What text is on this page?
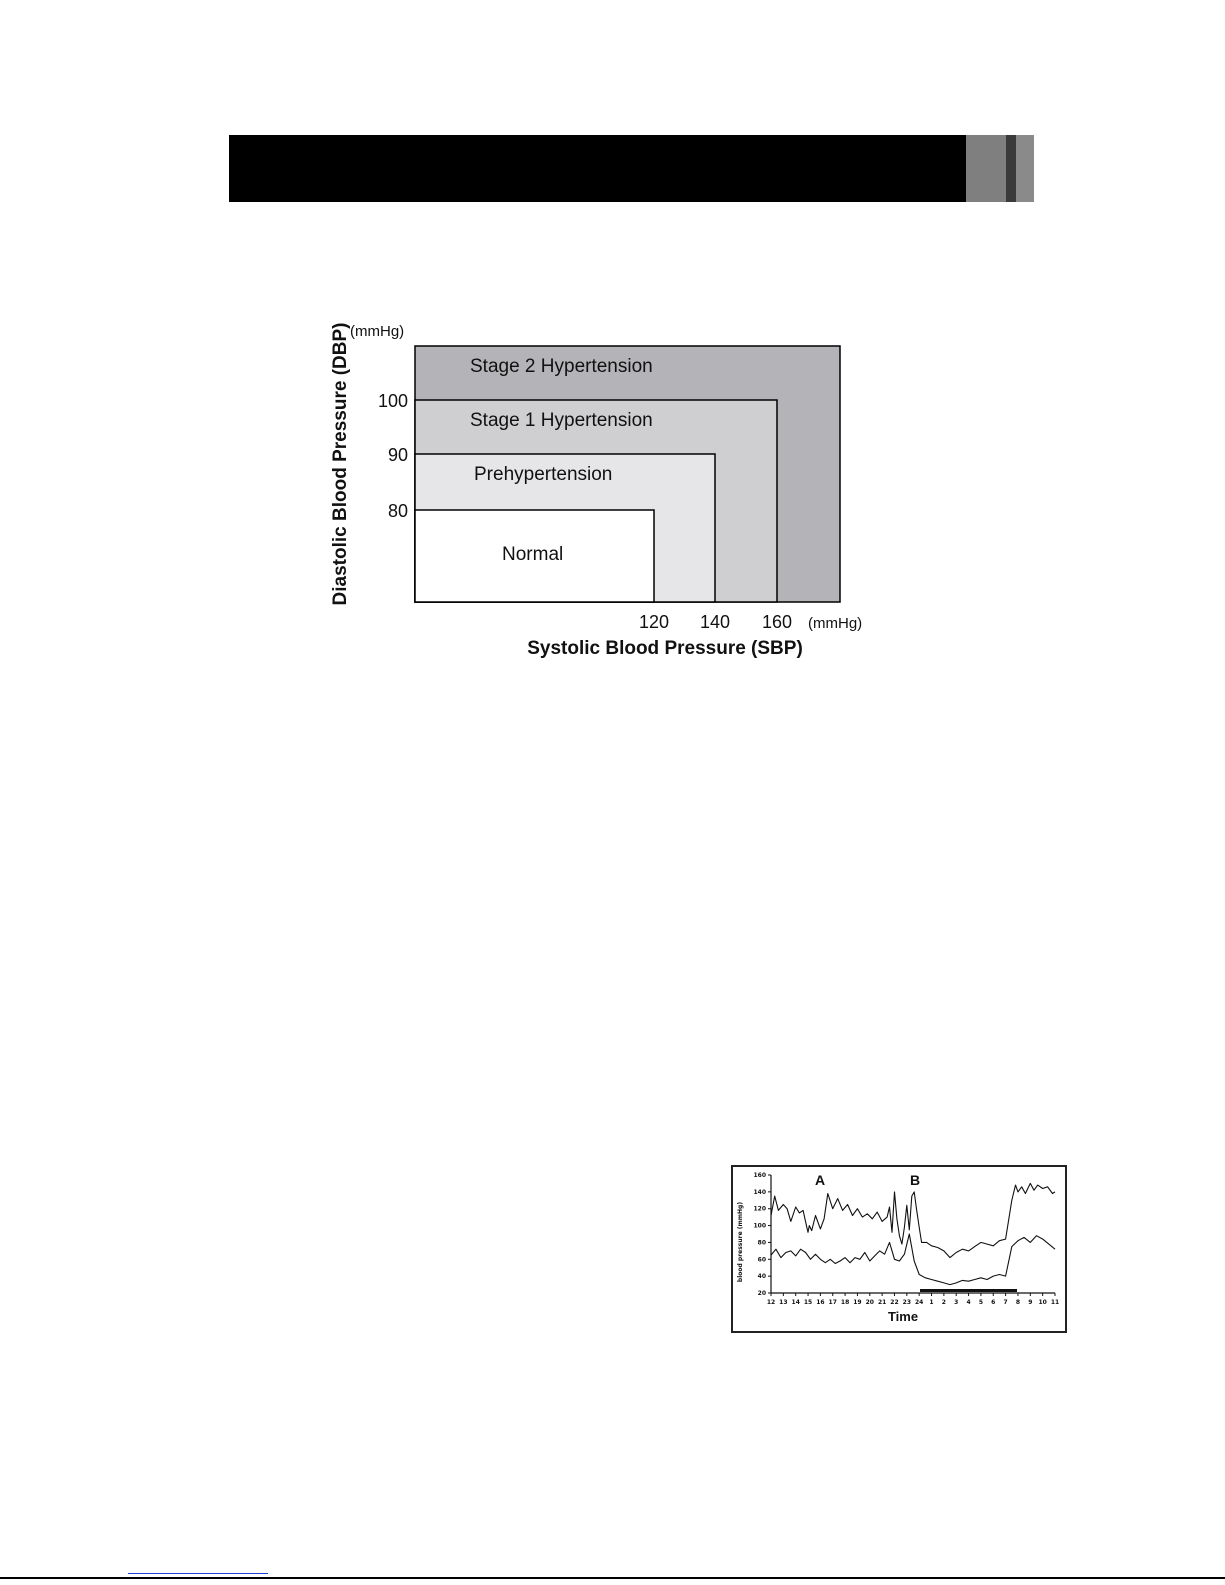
Stage 2 Hypertension
Stage 1 Hypertension
Prehypertension
Normal
100
90
80
120 140 160 (mmHg)
(mmHg)
Systolic Blood Pressure (SBP)
Diastolic Blood Pressure (DBP)
160
140
120
100
80
60
40
20
12 13 14 15 16 17 18 19 20 21 22 23 24 1 2 3 4 5 6 7 8 9 10 11
A	B
Time
blood pressure (mmHg)
